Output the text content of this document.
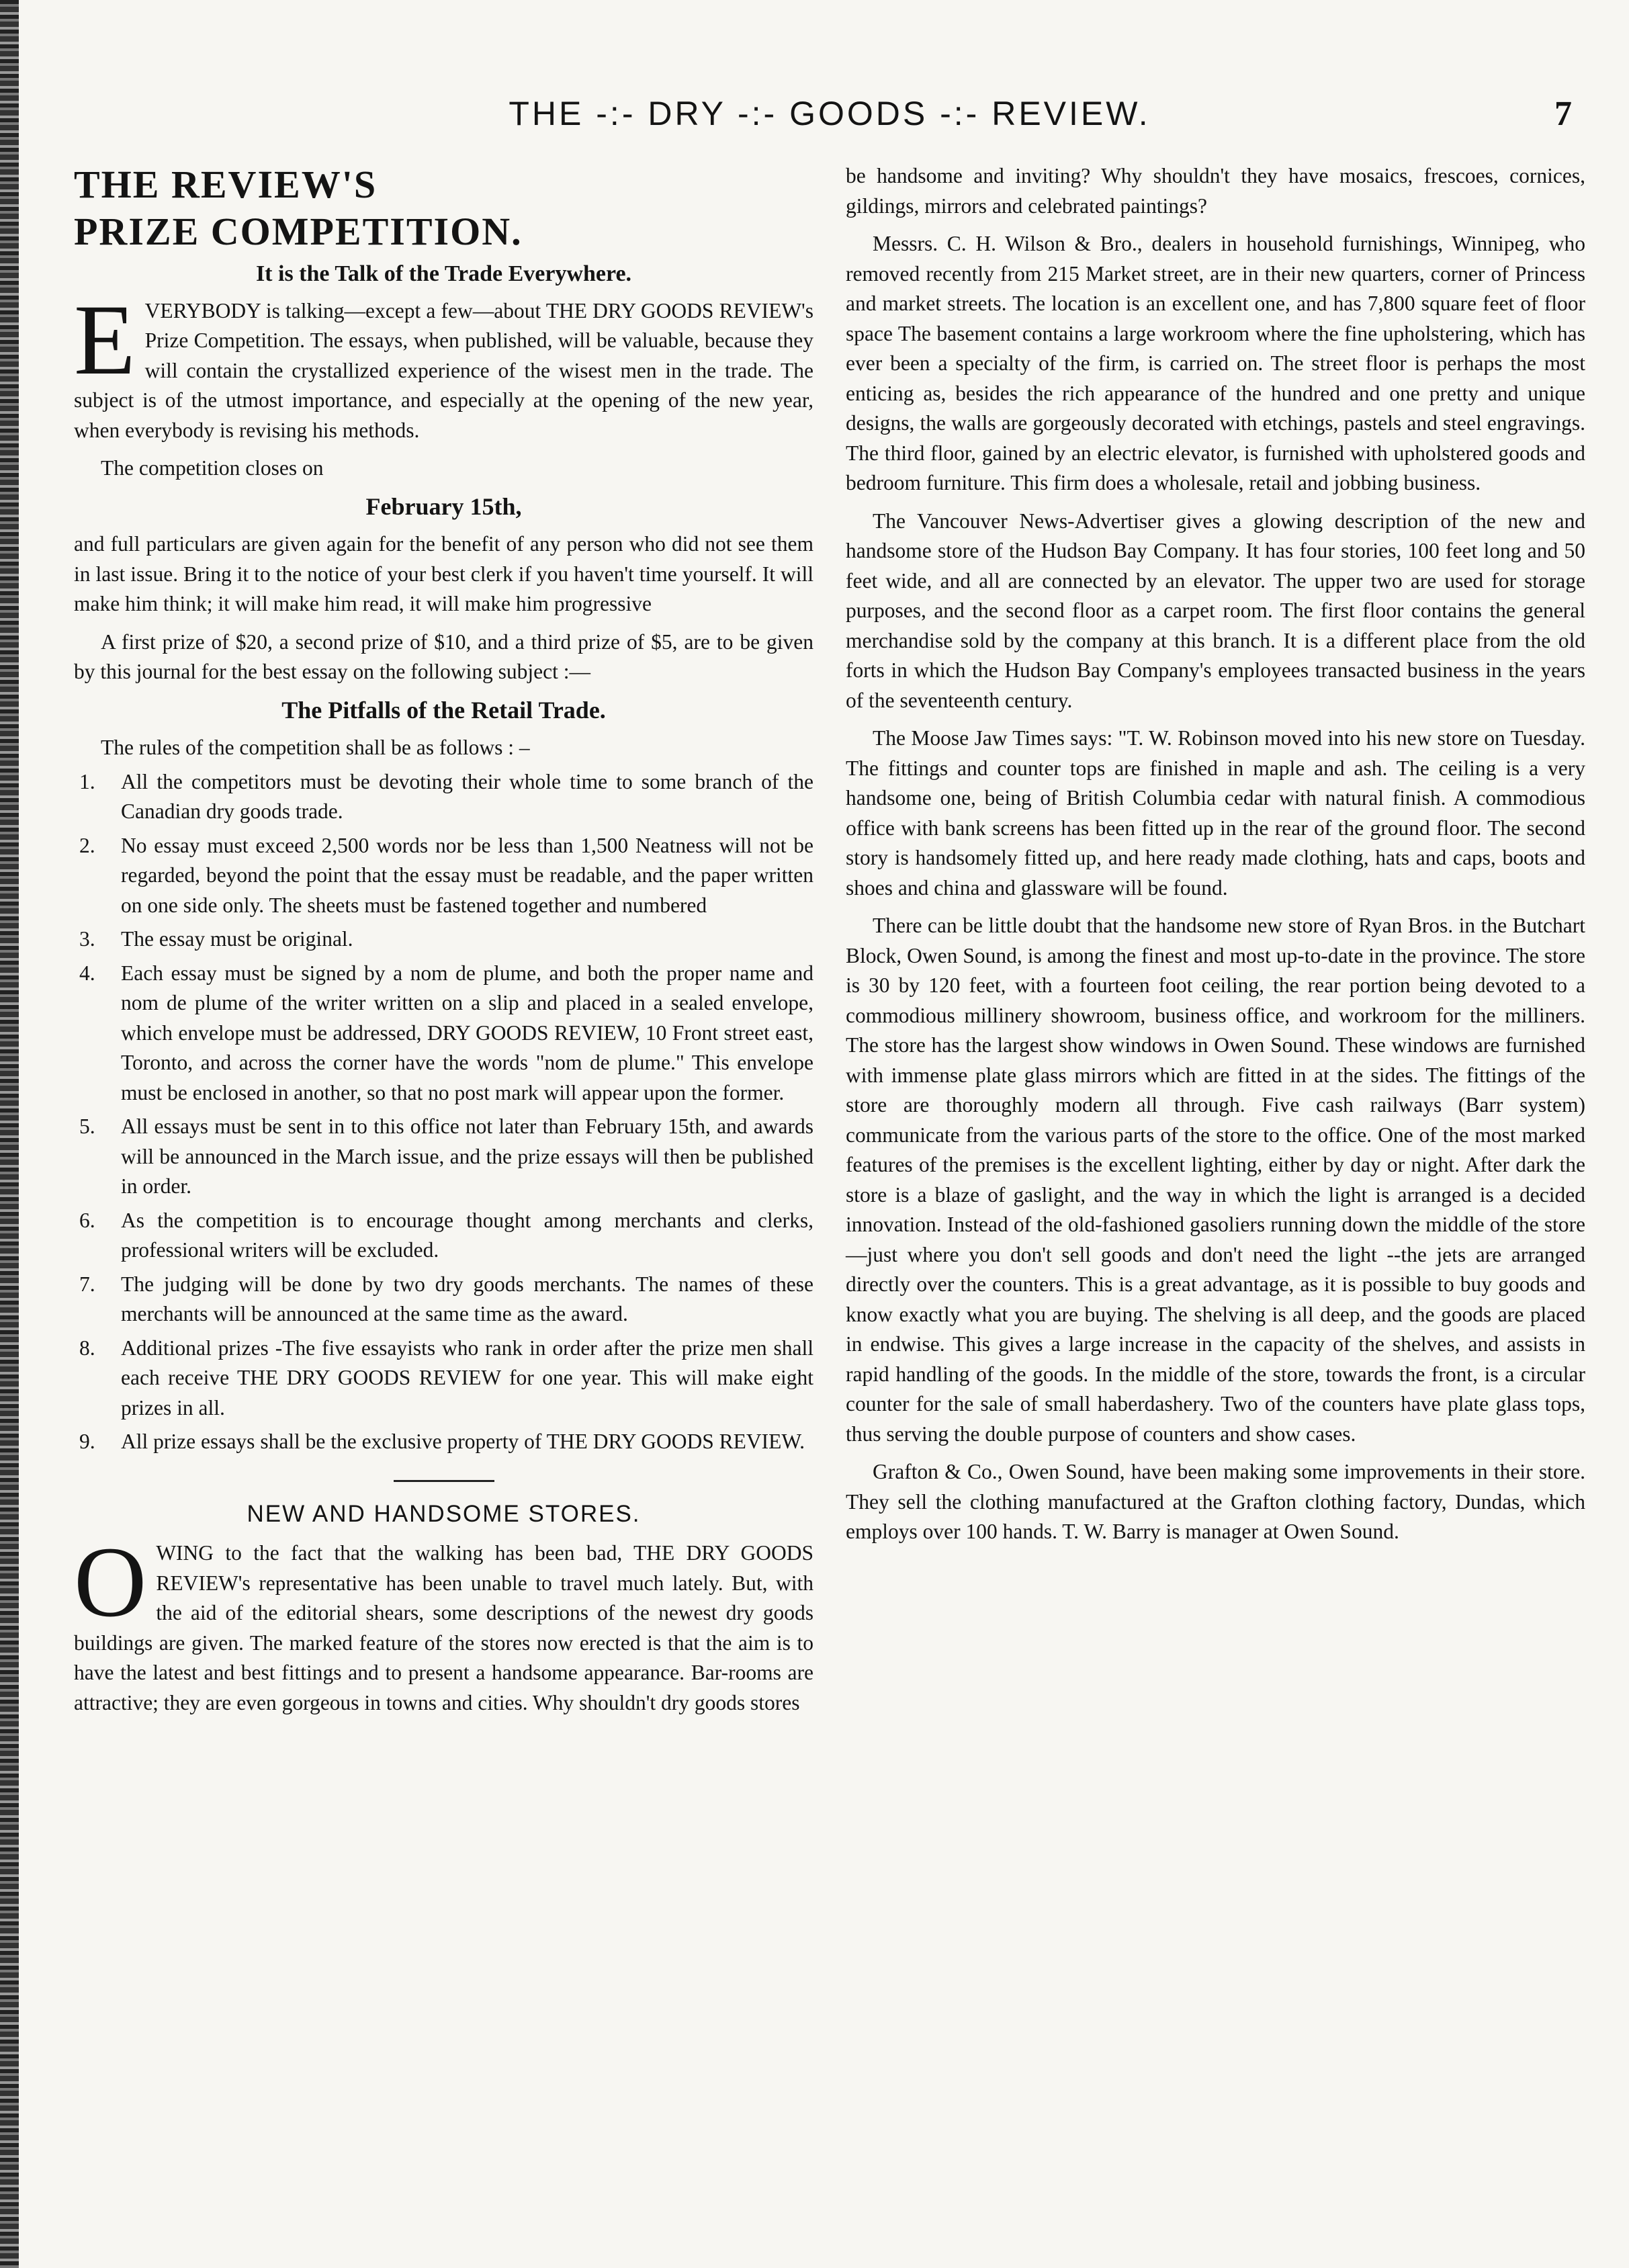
THE -:- DRY -:- GOODS -:- REVIEW.	7

THE REVIEW'S

PRIZE COMPETITION.

It is the Talk of the Trade Everywhere.

EVERYBODY is talking—except a few—about THE DRY GOODS REVIEW's Prize Competition. The essays, when published, will be valuable, because they will contain the crystallized experience of the wisest men in the trade. The subject is of the utmost importance, and especially at the opening of the new year, when everybody is revising his methods.

The competition closes on

February 15th,

and full particulars are given again for the benefit of any person who did not see them in last issue. Bring it to the notice of your best clerk if you haven't time yourself. It will make him think; it will make him read, it will make him progressive

A first prize of $20, a second prize of $10, and a third prize of $5, are to be given by this journal for the best essay on the following subject :—

The Pitfalls of the Retail Trade.

The rules of the competition shall be as follows : –

1. All the competitors must be devoting their whole time to some branch of the Canadian dry goods trade.
2. No essay must exceed 2,500 words nor be less than 1,500 Neatness will not be regarded, beyond the point that the essay must be readable, and the paper written on one side only. The sheets must be fastened together and numbered
3. The essay must be original.
4. Each essay must be signed by a nom de plume, and both the proper name and nom de plume of the writer written on a slip and placed in a sealed envelope, which envelope must be addressed, DRY GOODS REVIEW, 10 Front street east, Toronto, and across the corner have the words "nom de plume." This envelope must be enclosed in another, so that no post mark will appear upon the former.
5. All essays must be sent in to this office not later than February 15th, and awards will be announced in the March issue, and the prize essays will then be published in order.
6. As the competition is to encourage thought among merchants and clerks, professional writers will be excluded.
7. The judging will be done by two dry goods merchants. The names of these merchants will be announced at the same time as the award.
8. Additional prizes -The five essayists who rank in order after the prize men shall each receive THE DRY GOODS REVIEW for one year. This will make eight prizes in all.
9. All prize essays shall be the exclusive property of THE DRY GOODS REVIEW.

NEW AND HANDSOME STORES.

OWING to the fact that the walking has been bad, THE DRY GOODS REVIEW's representative has been unable to travel much lately. But, with the aid of the editorial shears, some descriptions of the newest dry goods buildings are given. The marked feature of the stores now erected is that the aim is to have the latest and best fittings and to present a handsome appearance. Bar-rooms are attractive; they are even gorgeous in towns and cities. Why shouldn't dry goods stores

be handsome and inviting? Why shouldn't they have mosaics, frescoes, cornices, gildings, mirrors and celebrated paintings?

Messrs. C. H. Wilson & Bro., dealers in household furnishings, Winnipeg, who removed recently from 215 Market street, are in their new quarters, corner of Princess and market streets. The location is an excellent one, and has 7,800 square feet of floor space The basement contains a large workroom where the fine upholstering, which has ever been a specialty of the firm, is carried on. The street floor is perhaps the most enticing as, besides the rich appearance of the hundred and one pretty and unique designs, the walls are gorgeously decorated with etchings, pastels and steel engravings. The third floor, gained by an electric elevator, is furnished with upholstered goods and bedroom furniture. This firm does a wholesale, retail and jobbing business.

The Vancouver News-Advertiser gives a glowing description of the new and handsome store of the Hudson Bay Company. It has four stories, 100 feet long and 50 feet wide, and all are connected by an elevator. The upper two are used for storage purposes, and the second floor as a carpet room. The first floor contains the general merchandise sold by the company at this branch. It is a different place from the old forts in which the Hudson Bay Company's employees transacted business in the years of the seventeenth century.

The Moose Jaw Times says: "T. W. Robinson moved into his new store on Tuesday. The fittings and counter tops are finished in maple and ash. The ceiling is a very handsome one, being of British Columbia cedar with natural finish. A commodious office with bank screens has been fitted up in the rear of the ground floor. The second story is handsomely fitted up, and here ready made clothing, hats and caps, boots and shoes and china and glassware will be found.

There can be little doubt that the handsome new store of Ryan Bros. in the Butchart Block, Owen Sound, is among the finest and most up-to-date in the province. The store is 30 by 120 feet, with a fourteen foot ceiling, the rear portion being devoted to a commodious millinery showroom, business office, and workroom for the milliners. The store has the largest show windows in Owen Sound. These windows are furnished with immense plate glass mirrors which are fitted in at the sides. The fittings of the store are thoroughly modern all through. Five cash railways (Barr system) communicate from the various parts of the store to the office. One of the most marked features of the premises is the excellent lighting, either by day or night. After dark the store is a blaze of gaslight, and the way in which the light is arranged is a decided innovation. Instead of the old-fashioned gasoliers running down the middle of the store—just where you don't sell goods and don't need the light --the jets are arranged directly over the counters. This is a great advantage, as it is possible to buy goods and know exactly what you are buying. The shelving is all deep, and the goods are placed in endwise. This gives a large increase in the capacity of the shelves, and assists in rapid handling of the goods. In the middle of the store, towards the front, is a circular counter for the sale of small haberdashery. Two of the counters have plate glass tops, thus serving the double purpose of counters and show cases.

Grafton & Co., Owen Sound, have been making some improvements in their store. They sell the clothing manufactured at the Grafton clothing factory, Dundas, which employs over 100 hands. T. W. Barry is manager at Owen Sound.
